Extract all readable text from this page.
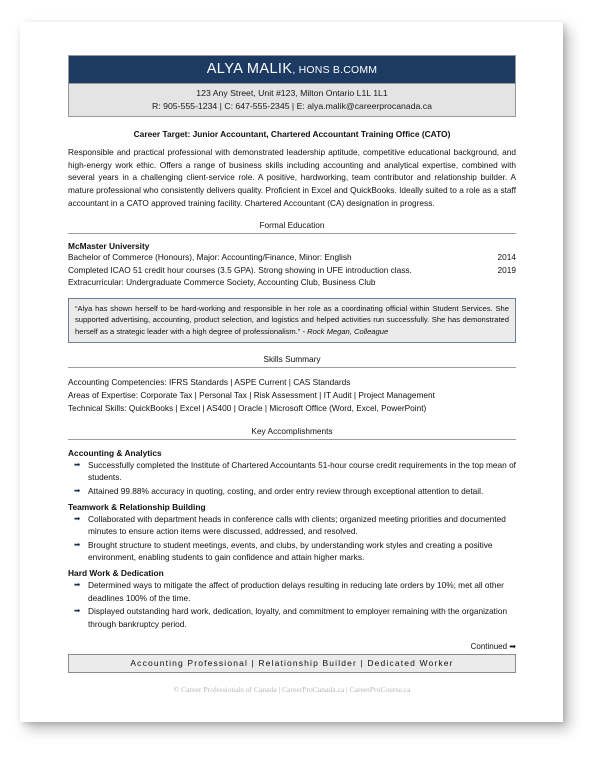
ALYA MALIK, HONS B.COMM
123 Any Street, Unit #123, Milton Ontario L1L 1L1
R: 905-555-1234 | C: 647-555-2345 | E: alya.malik@careerprocanada.ca
Career Target: Junior Accountant, Chartered Accountant Training Office (CATO)
Responsible and practical professional with demonstrated leadership aptitude, competitive educational background, and high-energy work ethic. Offers a range of business skills including accounting and analytical expertise, combined with several years in a challenging client-service role. A positive, hardworking, team contributor and relationship builder. A mature professional who consistently delivers quality. Proficient in Excel and QuickBooks. Ideally suited to a role as a staff accountant in a CATO approved training facility. Chartered Accountant (CA) designation in progress.
Formal Education
McMaster University
Bachelor of Commerce (Honours), Major: Accounting/Finance, Minor: English	2014
Completed ICAO 51 credit hour courses (3.5 GPA). Strong showing in UFE introduction class.	2019
Extracurricular: Undergraduate Commerce Society, Accounting Club, Business Club
“Alya has shown herself to be hard-working and responsible in her role as a coordinating official within Student Services. She supported advertising, accounting, product selection, and logistics and helped activities run successfully. She has demonstrated herself as a strategic leader with a high degree of professionalism.” - Rock Megan, Colleague
Skills Summary
Accounting Competencies: IFRS Standards | ASPE Current | CAS Standards
Areas of Expertise: Corporate Tax | Personal Tax | Risk Assessment | IT Audit | Project Management
Technical Skills: QuickBooks | Excel | AS400 | Oracle | Microsoft Office (Word, Excel, PowerPoint)
Key Accomplishments
Accounting & Analytics
➡ Successfully completed the Institute of Chartered Accountants 51-hour course credit requirements in the top mean of students.
➡ Attained 99.88% accuracy in quoting, costing, and order entry review through exceptional attention to detail.
Teamwork & Relationship Building
➡ Collaborated with department heads in conference calls with clients; organized meeting priorities and documented minutes to ensure action items were discussed, addressed, and resolved.
➡ Brought structure to student meetings, events, and clubs, by understanding work styles and creating a positive environment, enabling students to gain confidence and attain higher marks.
Hard Work & Dedication
➡ Determined ways to mitigate the affect of production delays resulting in reducing late orders by 10%; met all other deadlines 100% of the time.
➡ Displayed outstanding hard work, dedication, loyalty, and commitment to employer remaining with the organization through bankruptcy period.
Continued ➡
Accounting Professional | Relationship Builder | Dedicated Worker
© Career Professionals of Canada | CareerProCanada.ca | CareerProCourse.ca
